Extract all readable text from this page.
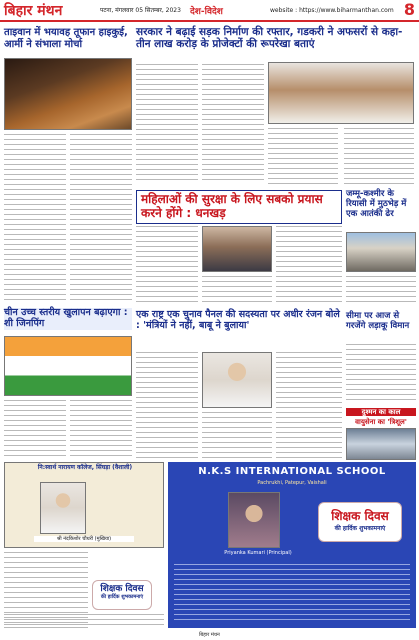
बिहार मंथन	पटना, मंगलवार 05 सितम्बर, 2023 देश-विदेश	website : https://www.biharmanthan.com 8
ताइवान में भयावह तूफान हाइकुई, आर्मी ने संभाला मोर्चा
सरकार ने बढ़ाई सड़क निर्माण की रफ्तार, गडकरी ने अफसरों से कहा- तीन लाख करोड़ के प्रोजेक्टों की रूपरेखा बताएं
महिलाओं की सुरक्षा के लिए सबको प्रयास करने होंगे : धनखड़
जम्मू-कश्मीर के रियासी में मुठभेड़ में एक आतंकी ढेर
चीन उच्च स्तरीय खुलापन बढ़ाएगा : शी जिनपिंग
एक राष्ट्र एक चुनाव पैनल की सदस्यता पर अधीर रंजन बोले : 'मंत्रियों ने नहीं, बाबू ने बुलाया'
सीमा पर आज से गरजेंगे लड़ाकू विमान
दुश्मन का काल
वायुसेना का 'त्रिशूल'
नि:स्वार्थ नारायण कॉलेज, सिंघड़ा (वैशाली)
श्री नंदकिशोर चौधरी (मुखिया)
शिक्षक दिवस
की हार्दिक शुभकामनाएं
N.K.S INTERNATIONAL SCHOOL
Pachrukhi, Patepur, Vaishali
Priyanka Kumari (Principal)
शिक्षक दिवस
की हार्दिक शुभकामनाएं
बिहार मंथन
